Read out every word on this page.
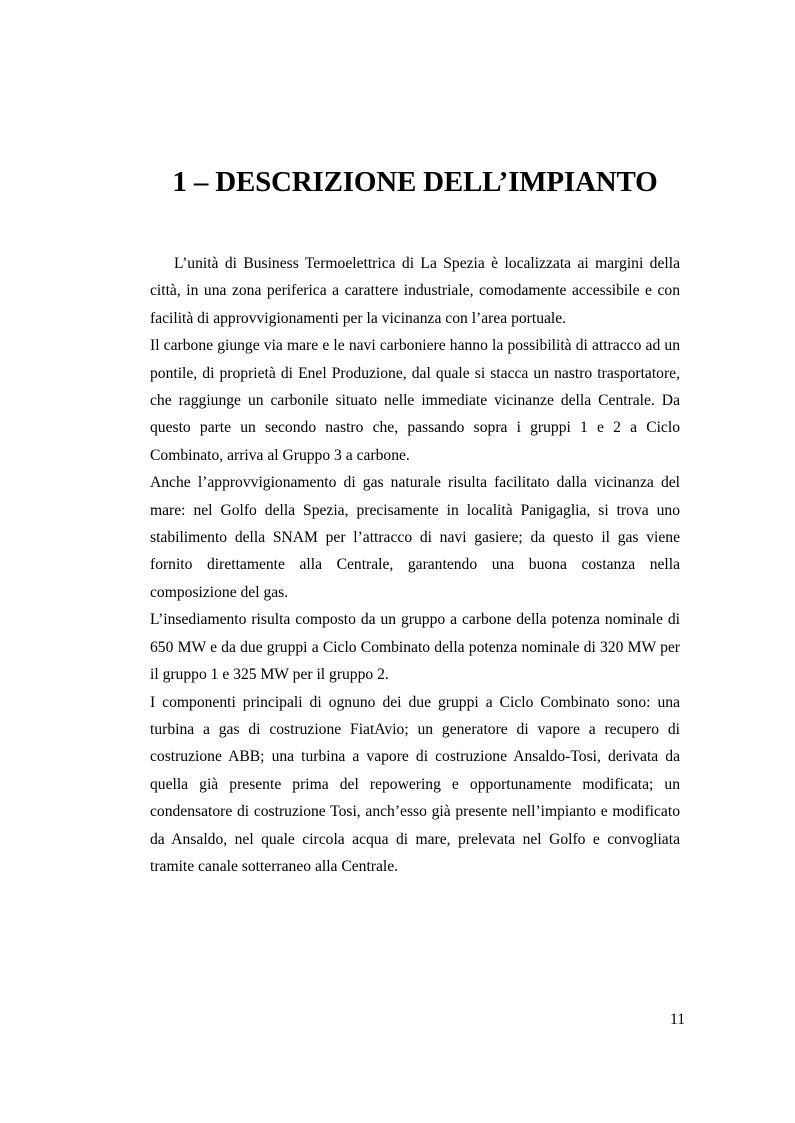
1 – DESCRIZIONE DELL’IMPIANTO

L’unità di Business Termoelettrica di La Spezia è localizzata ai margini della città, in una zona periferica a carattere industriale, comodamente accessibile e con facilità di approvvigionamenti per la vicinanza con l’area portuale.

Il carbone giunge via mare e le navi carboniere hanno la possibilità di attracco ad un pontile, di proprietà di Enel Produzione, dal quale si stacca un nastro trasportatore, che raggiunge un carbonile situato nelle immediate vicinanze della Centrale. Da questo parte un secondo nastro che, passando sopra i gruppi 1 e 2 a Ciclo Combinato, arriva al Gruppo 3 a carbone.

Anche l’approvvigionamento di gas naturale risulta facilitato dalla vicinanza del mare: nel Golfo della Spezia, precisamente in località Panigaglia, si trova uno stabilimento della SNAM per l’attracco di navi gasiere; da questo il gas viene fornito direttamente alla Centrale, garantendo una buona costanza nella composizione del gas.

L’insediamento risulta composto da un gruppo a carbone della potenza nominale di 650 MW e da due gruppi a Ciclo Combinato della potenza nominale di 320 MW per il gruppo 1 e 325 MW per il gruppo 2.

I componenti principali di ognuno dei due gruppi a Ciclo Combinato sono: una turbina a gas di costruzione FiatAvio; un generatore di vapore a recupero di costruzione ABB; una turbina a vapore di costruzione Ansaldo-Tosi, derivata da quella già presente prima del repowering e opportunamente modificata; un condensatore di costruzione Tosi, anch’esso già presente nell’impianto e modificato da Ansaldo, nel quale circola acqua di mare, prelevata nel Golfo e convogliata tramite canale sotterraneo alla Centrale.

11
